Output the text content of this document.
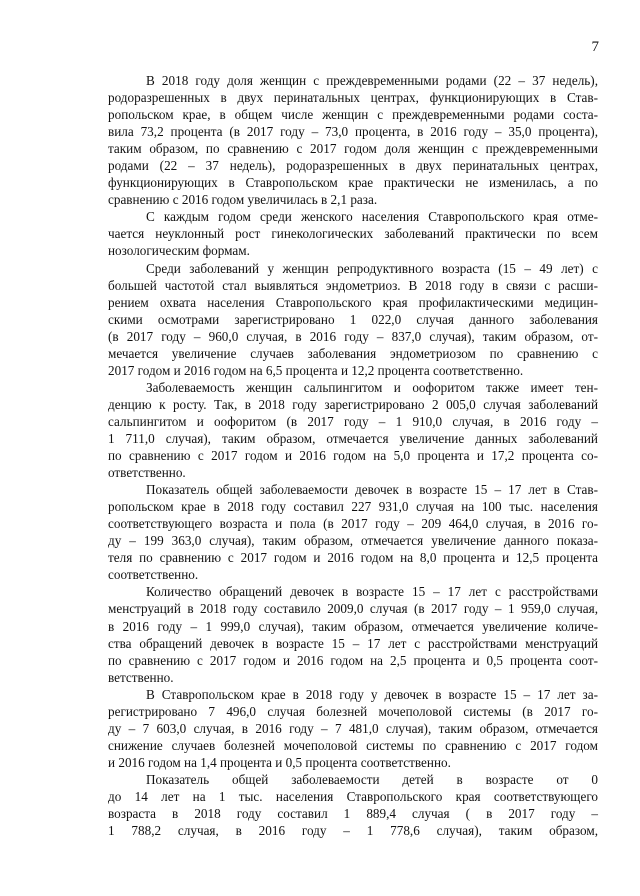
7
В 2018 году доля женщин с преждевременными родами (22 – 37 недель),
родоразрешенных в двух перинатальных центрах, функционирующих в Став-
ропольском крае, в общем числе женщин с преждевременными родами соста-
вила 73,2 процента (в 2017 году – 73,0 процента, в 2016 году – 35,0 процента),
таким образом, по сравнению с 2017 годом доля женщин с преждевременными
родами (22 – 37 недель), родоразрешенных в двух перинатальных центрах,
функционирующих в Ставропольском крае практически не изменилась, а по
сравнению с 2016 годом увеличилась в 2,1 раза.
С каждым годом среди женского населения Ставропольского края отме-
чается неуклонный рост гинекологических заболеваний практически по всем
нозологическим формам.
Среди заболеваний у женщин репродуктивного возраста (15 – 49 лет) с
большей частотой стал выявляться эндометриоз. В 2018 году в связи с расши-
рением охвата населения Ставропольского края профилактическими медицин-
скими осмотрами зарегистрировано 1 022,0 случая данного заболевания
(в 2017 году – 960,0 случая, в 2016 году – 837,0 случая), таким образом, от-
мечается увеличение случаев заболевания эндометриозом по сравнению с
2017 годом и 2016 годом на 6,5 процента и 12,2 процента соответственно.
Заболеваемость женщин сальпингитом и оофоритом также имеет тен-
денцию к росту. Так, в 2018 году зарегистрировано 2 005,0 случая заболеваний
сальпингитом и оофоритом (в 2017 году – 1 910,0 случая, в 2016 году –
1 711,0 случая), таким образом, отмечается увеличение данных заболеваний
по сравнению с 2017 годом и 2016 годом на 5,0 процента и 17,2 процента со-
ответственно.
Показатель общей заболеваемости девочек в возрасте 15 – 17 лет в Став-
ропольском крае в 2018 году составил 227 931,0 случая на 100 тыс. населения
соответствующего возраста и пола (в 2017 году – 209 464,0 случая, в 2016 го-
ду – 199 363,0 случая), таким образом, отмечается увеличение данного показа-
теля по сравнению с 2017 годом и 2016 годом на 8,0 процента и 12,5 процента
соответственно.
Количество обращений девочек в возрасте 15 – 17 лет с расстройствами
менструаций в 2018 году составило 2009,0 случая (в 2017 году – 1 959,0 случая,
в 2016 году – 1 999,0 случая), таким образом, отмечается увеличение количе-
ства обращений девочек в возрасте 15 – 17 лет с расстройствами менструаций
по сравнению с 2017 годом и 2016 годом на 2,5 процента и 0,5 процента соот-
ветственно.
В Ставропольском крае в 2018 году у девочек в возрасте 15 – 17 лет за-
регистрировано 7 496,0 случая болезней мочеполовой системы (в 2017 го-
ду – 7 603,0 случая, в 2016 году – 7 481,0 случая), таким образом, отмечается
снижение случаев болезней мочеполовой системы по сравнению с 2017 годом
и 2016 годом на 1,4 процента и 0,5 процента соответственно.
Показатель общей заболеваемости детей в возрасте от 0
до 14 лет на 1 тыс. населения Ставропольского края соответствующего
возраста в 2018 году составил 1 889,4 случая ( в 2017 году –
1 788,2 случая, в 2016 году – 1 778,6 случая), таким образом,
